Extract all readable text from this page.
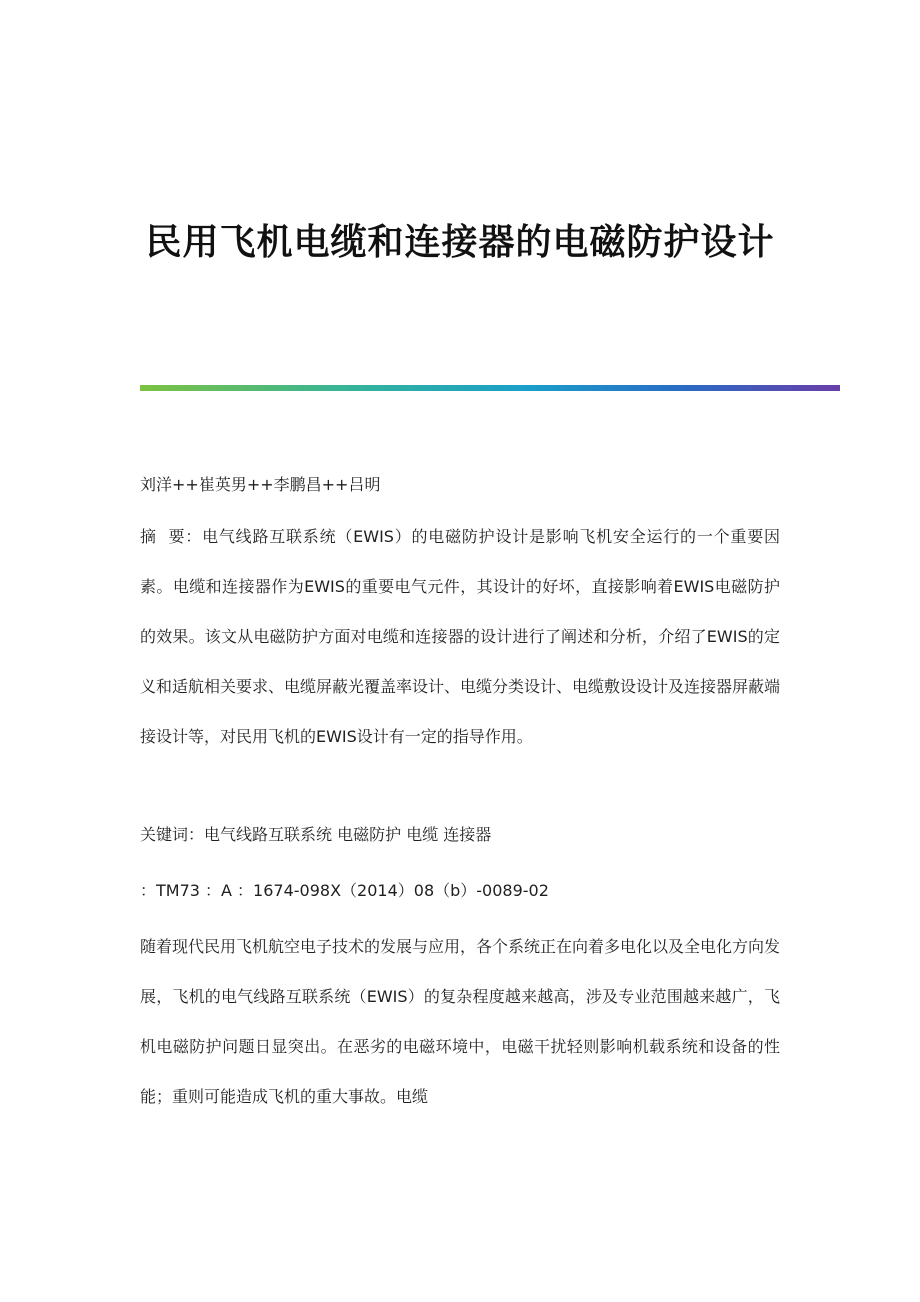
民用飞机电缆和连接器的电磁防护设计
刘洋++崔英男++李鹏昌++吕明
摘  要：电气线路互联系统（EWIS）的电磁防护设计是影响飞机安全运行的一个重要因素。电缆和连接器作为EWIS的重要电气元件，其设计的好坏，直接影响着EWIS电磁防护的效果。该文从电磁防护方面对电缆和连接器的设计进行了阐述和分析，介绍了EWIS的定义和适航相关要求、电缆屏蔽光覆盖率设计、电缆分类设计、电缆敷设设计及连接器屏蔽端接设计等，对民用飞机的EWIS设计有一定的指导作用。
关键词：电气线路互联系统 电磁防护 电缆 连接器
：TM73 ：A ：1674-098X（2014）08（b）-0089-02
随着现代民用飞机航空电子技术的发展与应用，各个系统正在向着多电化以及全电化方向发展，飞机的电气线路互联系统（EWIS）的复杂程度越来越高，涉及专业范围越来越广，飞机电磁防护问题日显突出。在恶劣的电磁环境中，电磁干扰轻则影响机载系统和设备的性能；重则可能造成飞机的重大事故。电缆
